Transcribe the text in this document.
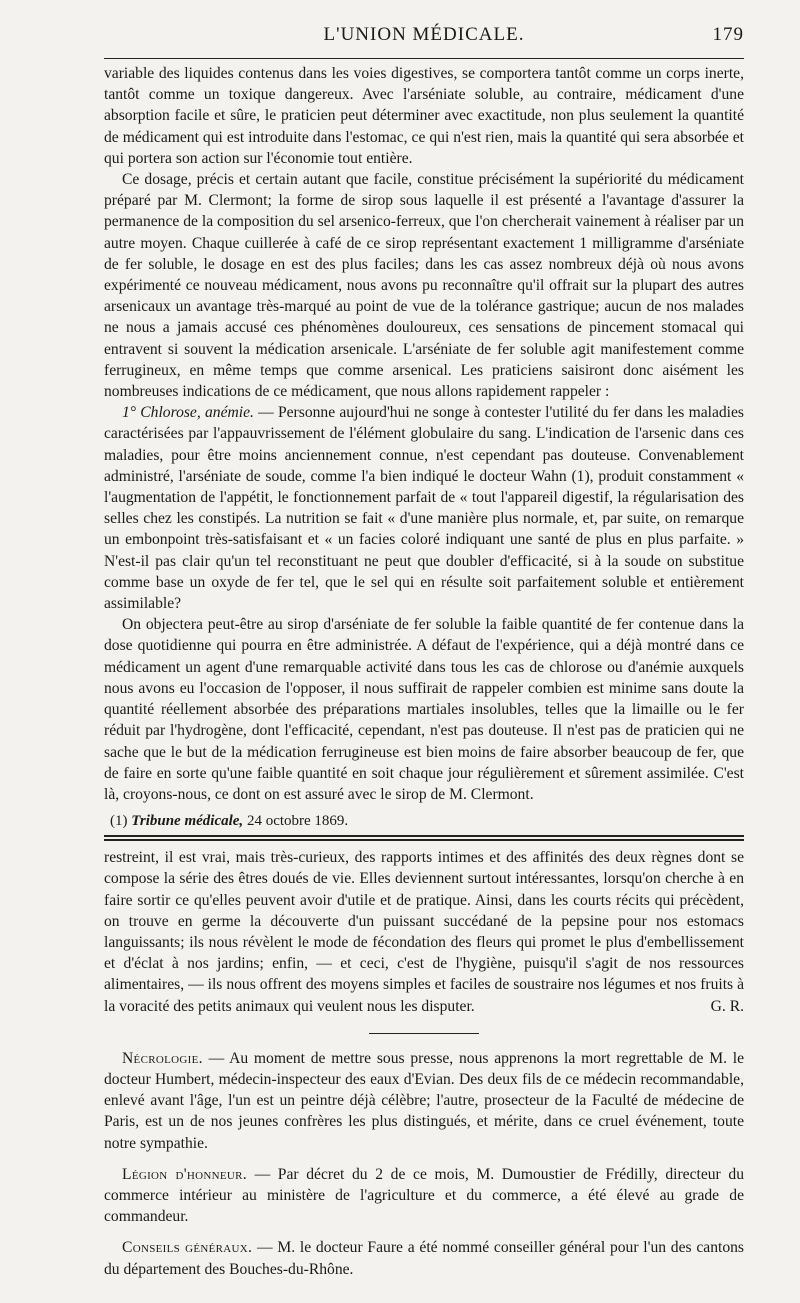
L'UNION MÉDICALE.	179

variable des liquides contenus dans les voies digestives, se comportera tantôt comme un corps inerte, tantôt comme un toxique dangereux. Avec l'arséniate soluble, au contraire, médicament d'une absorption facile et sûre, le praticien peut déterminer avec exactitude, non plus seulement la quantité de médicament qui est introduite dans l'estomac, ce qui n'est rien, mais la quantité qui sera absorbée et qui portera son action sur l'économie tout entière.

Ce dosage, précis et certain autant que facile, constitue précisément la supériorité du médicament préparé par M. Clermont; la forme de sirop sous laquelle il est présenté a l'avantage d'assurer la permanence de la composition du sel arsenico-ferreux, que l'on chercherait vainement à réaliser par un autre moyen. Chaque cuillerée à café de ce sirop représentant exactement 1 milligramme d'arséniate de fer soluble, le dosage en est des plus faciles; dans les cas assez nombreux déjà où nous avons expérimenté ce nouveau médicament, nous avons pu reconnaître qu'il offrait sur la plupart des autres arsenicaux un avantage très-marqué au point de vue de la tolérance gastrique; aucun de nos malades ne nous a jamais accusé ces phénomènes douloureux, ces sensations de pincement stomacal qui entravent si souvent la médication arsenicale. L'arséniate de fer soluble agit manifestement comme ferrugineux, en même temps que comme arsenical. Les praticiens saisiront donc aisément les nombreuses indications de ce médicament, que nous allons rapidement rappeler :

1° Chlorose, anémie. — Personne aujourd'hui ne songe à contester l'utilité du fer dans les maladies caractérisées par l'appauvrissement de l'élément globulaire du sang. L'indication de l'arsenic dans ces maladies, pour être moins anciennement connue, n'est cependant pas douteuse. Convenablement administré, l'arséniate de soude, comme l'a bien indiqué le docteur Wahn (1), produit constamment « l'augmentation de l'appétit, le fonctionnement parfait de « tout l'appareil digestif, la régularisation des selles chez les constipés. La nutrition se fait « d'une manière plus normale, et, par suite, on remarque un embonpoint très-satisfaisant et « un facies coloré indiquant une santé de plus en plus parfaite. » N'est-il pas clair qu'un tel reconstituant ne peut que doubler d'efficacité, si à la soude on substitue comme base un oxyde de fer tel, que le sel qui en résulte soit parfaitement soluble et entièrement assimilable?

On objectera peut-être au sirop d'arséniate de fer soluble la faible quantité de fer contenue dans la dose quotidienne qui pourra en être administrée. A défaut de l'expérience, qui a déjà montré dans ce médicament un agent d'une remarquable activité dans tous les cas de chlorose ou d'anémie auxquels nous avons eu l'occasion de l'opposer, il nous suffirait de rappeler combien est minime sans doute la quantité réellement absorbée des préparations martiales insolubles, telles que la limaille ou le fer réduit par l'hydrogène, dont l'efficacité, cependant, n'est pas douteuse. Il n'est pas de praticien qui ne sache que le but de la médication ferrugineuse est bien moins de faire absorber beaucoup de fer, que de faire en sorte qu'une faible quantité en soit chaque jour régulièrement et sûrement assimilée. C'est là, croyons-nous, ce dont on est assuré avec le sirop de M. Clermont.

(1) Tribune médicale, 24 octobre 1869.

restreint, il est vrai, mais très-curieux, des rapports intimes et des affinités des deux règnes dont se compose la série des êtres doués de vie. Elles deviennent surtout intéressantes, lorsqu'on cherche à en faire sortir ce qu'elles peuvent avoir d'utile et de pratique. Ainsi, dans les courts récits qui précèdent, on trouve en germe la découverte d'un puissant succédané de la pepsine pour nos estomacs languissants; ils nous révèlent le mode de fécondation des fleurs qui promet le plus d'embellissement et d'éclat à nos jardins; enfin, — et ceci, c'est de l'hygiène, puisqu'il s'agit de nos ressources alimentaires, — ils nous offrent des moyens simples et faciles de soustraire nos légumes et nos fruits à la voracité des petits animaux qui veulent nous les disputer.	G. R.

Nécrologie. — Au moment de mettre sous presse, nous apprenons la mort regrettable de M. le docteur Humbert, médecin-inspecteur des eaux d'Evian. Des deux fils de ce médecin recommandable, enlevé avant l'âge, l'un est un peintre déjà célèbre; l'autre, prosecteur de la Faculté de médecine de Paris, est un de nos jeunes confrères les plus distingués, et mérite, dans ce cruel événement, toute notre sympathie.

Légion d'honneur. — Par décret du 2 de ce mois, M. Dumoustier de Frédilly, directeur du commerce intérieur au ministère de l'agriculture et du commerce, a été élevé au grade de commandeur.

Conseils généraux. — M. le docteur Faure a été nommé conseiller général pour l'un des cantons du département des Bouches-du-Rhône.
